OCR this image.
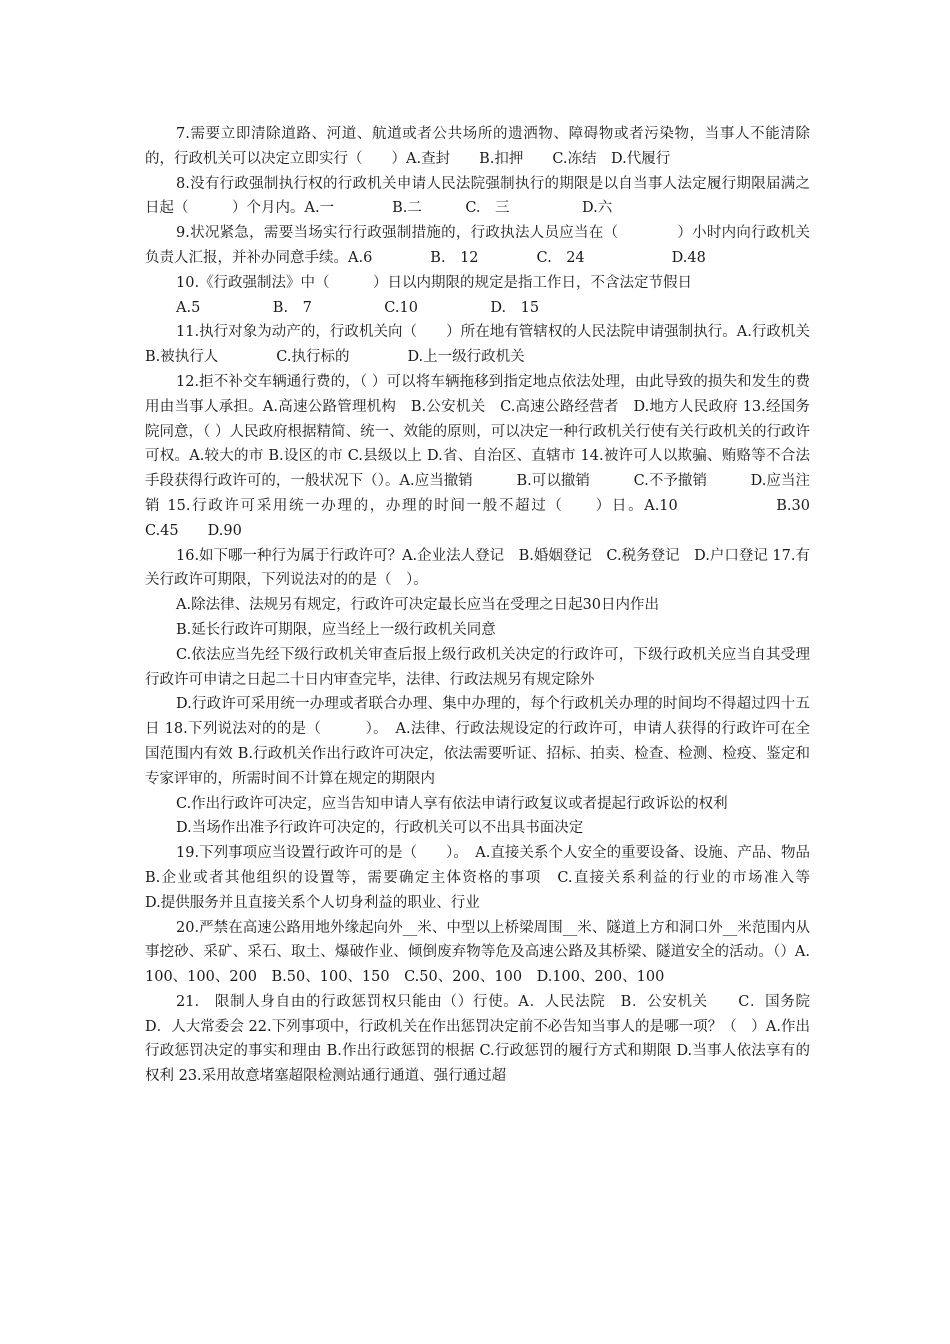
7.需要立即清除道路、河道、航道或者公共场所的遗洒物、障碍物或者污染物，当事人不能清除的，行政机关可以决定立即实行（　　）A.查封　　B.扣押　　C.冻结　D.代履行

8.没有行政强制执行权的行政机关申请人民法院强制执行的期限是以自当事人法定履行期限届满之日起（　　　）个月内。A.一　　　　B.二　　　C.　三　　　　　D.六

9.状况紧急，需要当场实行行政强制措施的，行政执法人员应当在（　　　　）小时内向行政机关负责人汇报，并补办同意手续。A.6　　　　B.　12　　　　C.　24　　　　　　D.48

10.《行政强制法》中（　　　）日以内期限的规定是指工作日，不含法定节假日

A.5　　　　　B.　7　　　　　C.10　　　　　D.　15

11.执行对象为动产的，行政机关向（　　）所在地有管辖权的人民法院申请强制执行。A.行政机关　　　　B.被执行人　　　　C.执行标的　　　　D.上一级行政机关

12.拒不补交车辆通行费的，（ ）可以将车辆拖移到指定地点依法处理，由此导致的损失和发生的费用由当事人承担。A.高速公路管理机构　B.公安机关　C.高速公路经营者　D.地方人民政府 13.经国务院同意，（ ）人民政府根据精简、统一、效能的原则，可以决定一种行政机关行使有关行政机关的行政许可权。A.较大的市 B.设区的市 C.县级以上 D.省、自治区、直辖市 14.被许可人以欺骗、贿赂等不合法手段获得行政许可的，一般状况下（）。A.应当撤销　　　B.可以撤销　　　C.不予撤销　　　D.应当注销 15.行政许可采用统一办理的，办理的时间一般不超过（　　）日。A.10　　　　　　B.30　　　　　C.45　　D.90

16.如下哪一种行为属于行政许可？A.企业法人登记　B.婚姻登记　C.税务登记　D.户口登记 17.有关行政许可期限，下列说法对的的是（　）。

A.除法律、法规另有规定，行政许可决定最长应当在受理之日起30日内作出

B.延长行政许可期限，应当经上一级行政机关同意

C.依法应当先经下级行政机关审查后报上级行政机关决定的行政许可，下级行政机关应当自其受理行政许可申请之日起二十日内审查完毕，法律、行政法规另有规定除外

D.行政许可采用统一办理或者联合办理、集中办理的，每个行政机关办理的时间均不得超过四十五日 18.下列说法对的的是（　　　）。　A.法律、行政法规设定的行政许可，申请人获得的行政许可在全国范围内有效 B.行政机关作出行政许可决定，依法需要听证、招标、拍卖、检查、检测、检疫、鉴定和专家评审的，所需时间不计算在规定的期限内

C.作出行政许可决定，应当告知申请人享有依法申请行政复议或者提起行政诉讼的权利

D.当场作出准予行政许可决定的，行政机关可以不出具书面决定

19.下列事项应当设置行政许可的是（　　）。　A.直接关系个人安全的重要设备、设施、产品、物品　　　B.企业或者其他组织的设置等，需要确定主体资格的事项　C.直接关系利益的行业的市场准入等　　　D.提供服务并且直接关系个人切身利益的职业、行业

20.严禁在高速公路用地外缘起向外__米、中型以上桥梁周围__米、隧道上方和洞口外__米范围内从事挖砂、采矿、采石、取土、爆破作业、倾倒废弃物等危及高速公路及其桥梁、隧道安全的活动。（）A.100、100、200　B.50、100、150　C.50、200、100　D.100、200、100

21.　限制人身自由的行政惩罚权只能由（）行使。A．人民法院　B．公安机关　　C．国务院　D．人大常委会 22.下列事项中，行政机关在作出惩罚决定前不必告知当事人的是哪一项？（　）A.作出行政惩罚决定的事实和理由 B.作出行政惩罚的根据 C.行政惩罚的履行方式和期限 D.当事人依法享有的权利 23.采用故意堵塞超限检测站通行通道、强行通过超
